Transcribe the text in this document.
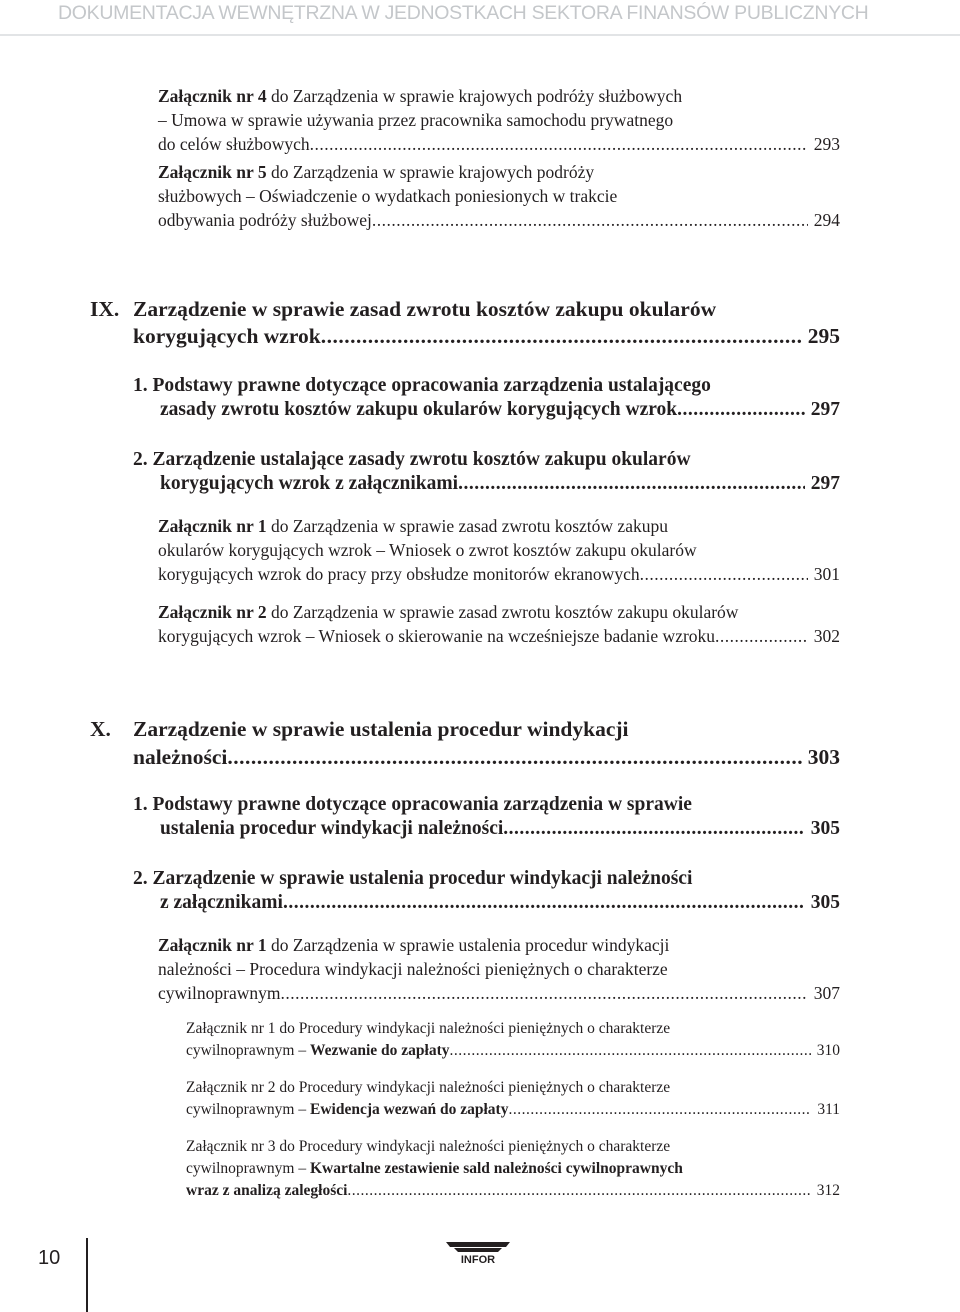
DOKUMENTACJA WEWNĘTRZNA W JEDNOSTKACH SEKTORA FINANSÓW PUBLICZNYCH
Załącznik nr 4 do Zarządzenia w sprawie krajowych podróży służbowych
– Umowa w sprawie używania przez pracownika samochodu prywatnego
do celów służbowych .....	293
Załącznik nr 5 do Zarządzenia w sprawie krajowych podróży
służbowych – Oświadczenie o wydatkach poniesionych w trakcie
odbywania podróży służbowej .....	294
IX. Zarządzenie w sprawie zasad zwrotu kosztów zakupu okularów
korygujących wzrok .....	295
1. Podstawy prawne dotyczące opracowania zarządzenia ustalającego
zasady zwrotu kosztów zakupu okularów korygujących wzrok .....	297
2. Zarządzenie ustalające zasady zwrotu kosztów zakupu okularów
korygujących wzrok z załącznikami .....	297
Załącznik nr 1 do Zarządzenia w sprawie zasad zwrotu kosztów zakupu
okularów korygujących wzrok – Wniosek o zwrot kosztów zakupu okularów
korygujących wzrok do pracy przy obsłudze monitorów ekranowych .....	301
Załącznik nr 2 do Zarządzenia w sprawie zasad zwrotu kosztów zakupu okularów
korygujących wzrok – Wniosek o skierowanie na wcześniejsze badanie wzroku .....	302
X. Zarządzenie w sprawie ustalenia procedur windykacji
należności .....	303
1. Podstawy prawne dotyczące opracowania zarządzenia w sprawie
ustalenia procedur windykacji należności .....	305
2. Zarządzenie w sprawie ustalenia procedur windykacji należności
z załącznikami .....	305
Załącznik nr 1 do Zarządzenia w sprawie ustalenia procedur windykacji
należności – Procedura windykacji należności pieniężnych o charakterze
cywilnoprawnym .....	307
Załącznik nr 1 do Procedury windykacji należności pieniężnych o charakterze
cywilnoprawnym – Wezwanie do zapłaty .....	310
Załącznik nr 2 do Procedury windykacji należności pieniężnych o charakterze
cywilnoprawnym – Ewidencja wezwań do zapłaty .....	311
Załącznik nr 3 do Procedury windykacji należności pieniężnych o charakterze
cywilnoprawnym – Kwartalne zestawienie sald należności cywilnoprawnych
wraz z analizą zaległości .....	312
10	INFOR
